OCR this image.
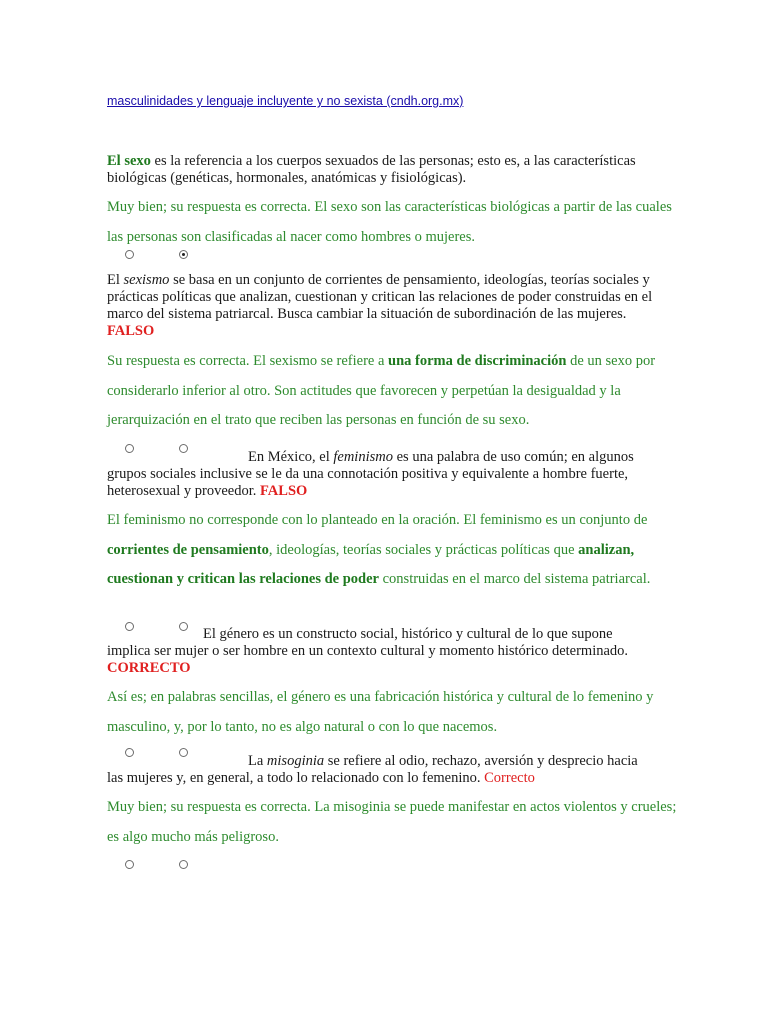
masculinidades y lenguaje incluyente y no sexista (cndh.org.mx)
El sexo es la referencia a los cuerpos sexuados de las personas; esto es, a las características biológicas (genéticas, hormonales, anatómicas y fisiológicas).
Muy bien; su respuesta es correcta. El sexo son las características biológicas a partir de las cuales las personas son clasificadas al nacer como hombres o mujeres.
El sexismo se basa en un conjunto de corrientes de pensamiento, ideologías, teorías sociales y prácticas políticas que analizan, cuestionan y critican las relaciones de poder construidas en el marco del sistema patriarcal. Busca cambiar la situación de subordinación de las mujeres. FALSO
Su respuesta es correcta. El sexismo se refiere a una forma de discriminación de un sexo por considerarlo inferior al otro. Son actitudes que favorecen y perpetúan la desigualdad y la jerarquización en el trato que reciben las personas en función de su sexo.
En México, el feminismo es una palabra de uso común; en algunos grupos sociales inclusive se le da una connotación positiva y equivalente a hombre fuerte, heterosexual y proveedor. FALSO
El feminismo no corresponde con lo planteado en la oración. El feminismo es un conjunto de corrientes de pensamiento, ideologías, teorías sociales y prácticas políticas que analizan, cuestionan y critican las relaciones de poder construidas en el marco del sistema patriarcal.
El género es un constructo social, histórico y cultural de lo que supone implica ser mujer o ser hombre en un contexto cultural y momento histórico determinado. CORRECTO
Así es; en palabras sencillas, el género es una fabricación histórica y cultural de lo femenino y masculino, y, por lo tanto, no es algo natural o con lo que nacemos.
La misoginia se refiere al odio, rechazo, aversión y desprecio hacia las mujeres y, en general, a todo lo relacionado con lo femenino. Correcto
Muy bien; su respuesta es correcta. La misoginia se puede manifestar en actos violentos y crueles; es algo mucho más peligroso.
